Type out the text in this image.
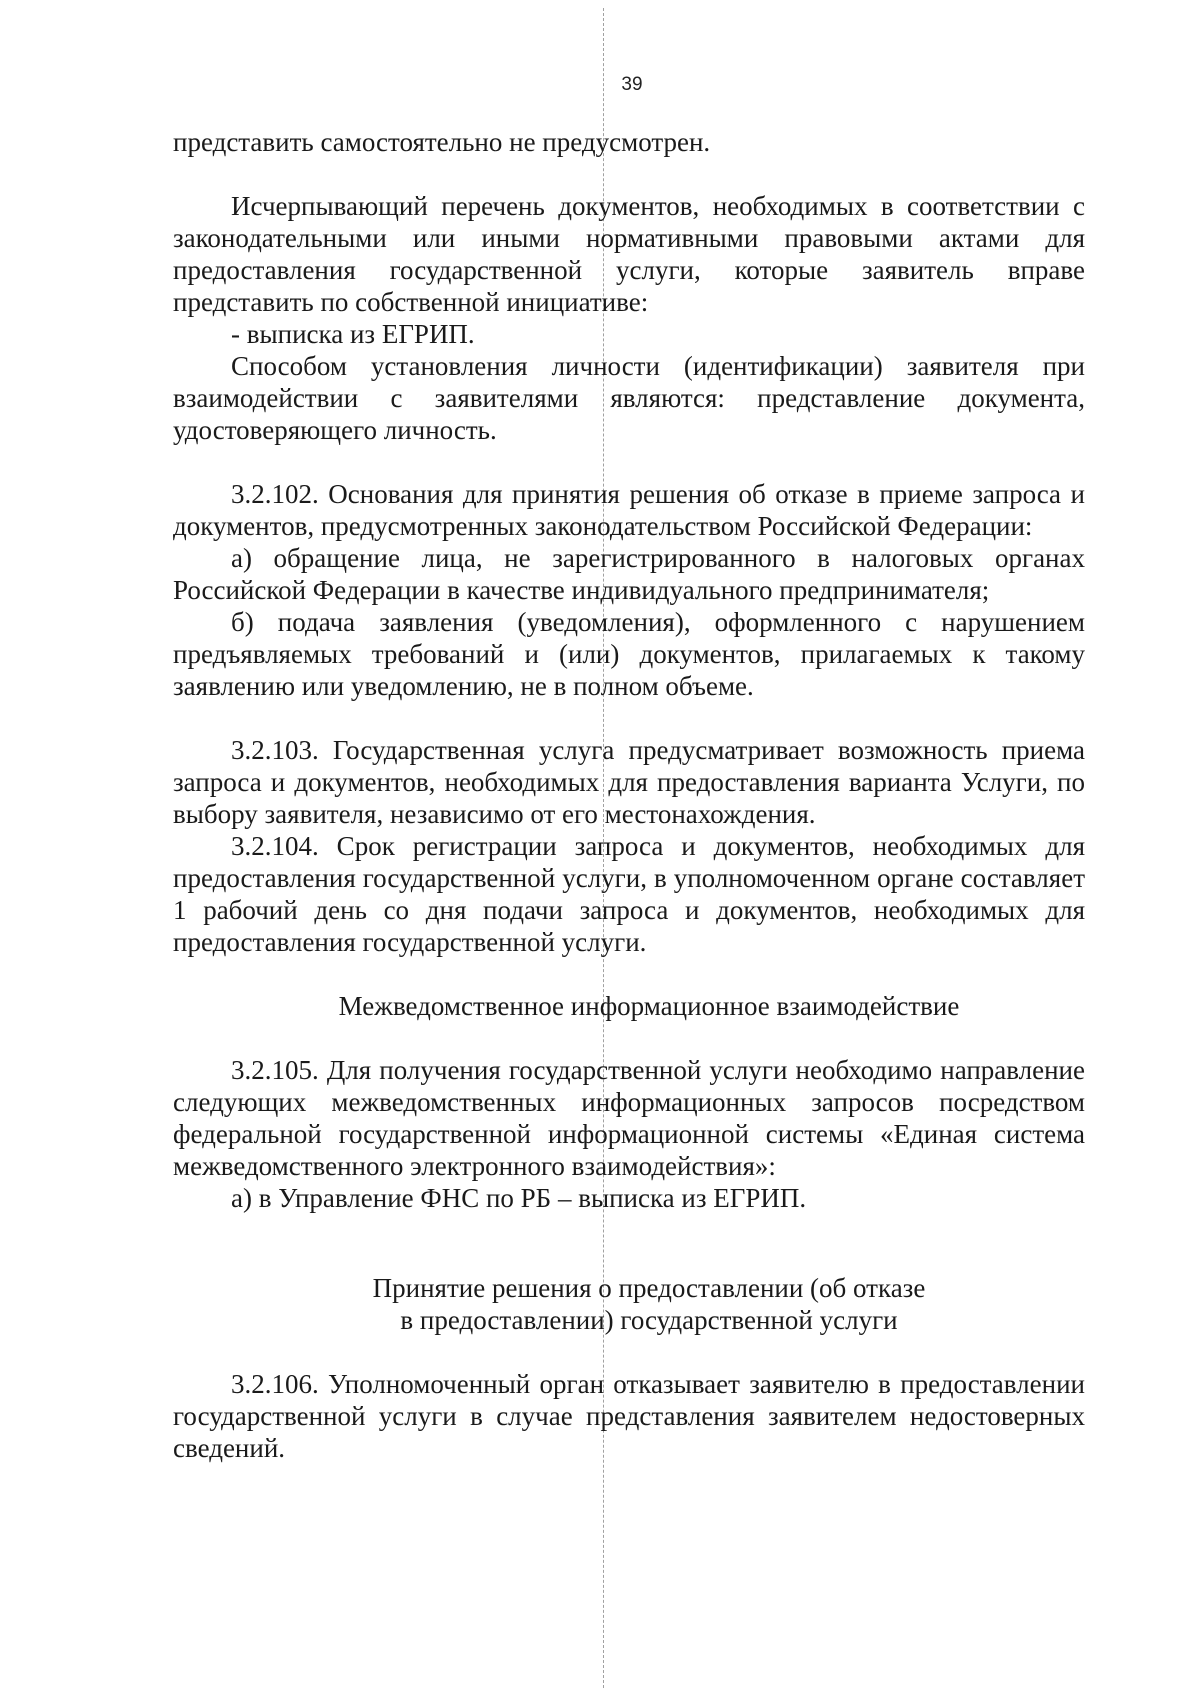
39

представить самостоятельно не предусмотрен.

Исчерпывающий перечень документов, необходимых в соответствии с законодательными или иными нормативными правовыми актами для предоставления государственной услуги, которые заявитель вправе представить по собственной инициативе:

- выписка из ЕГРИП.

Способом установления личности (идентификации) заявителя при взаимодействии с заявителями являются: представление документа, удостоверяющего личность.

3.2.102. Основания для принятия решения об отказе в приеме запроса и документов, предусмотренных законодательством Российской Федерации:

а) обращение лица, не зарегистрированного в налоговых органах Российской Федерации в качестве индивидуального предпринимателя;

б) подача заявления (уведомления), оформленного с нарушением предъявляемых требований и (или) документов, прилагаемых к такому заявлению или уведомлению, не в полном объеме.

3.2.103. Государственная услуга предусматривает возможность приема запроса и документов, необходимых для предоставления варианта Услуги, по выбору заявителя, независимо от его местонахождения.

3.2.104. Срок регистрации запроса и документов, необходимых для предоставления государственной услуги, в уполномоченном органе составляет 1 рабочий день со дня подачи запроса и документов, необходимых для предоставления государственной услуги.

Межведомственное информационное взаимодействие

3.2.105. Для получения государственной услуги необходимо направление следующих межведомственных информационных запросов посредством федеральной государственной информационной системы «Единая система межведомственного электронного взаимодействия»:

а) в Управление ФНС по РБ – выписка из ЕГРИП.

Принятие решения о предоставлении (об отказе

в предоставлении) государственной услуги

3.2.106. Уполномоченный орган отказывает заявителю в предоставлении государственной услуги в случае представления заявителем недостоверных сведений.
